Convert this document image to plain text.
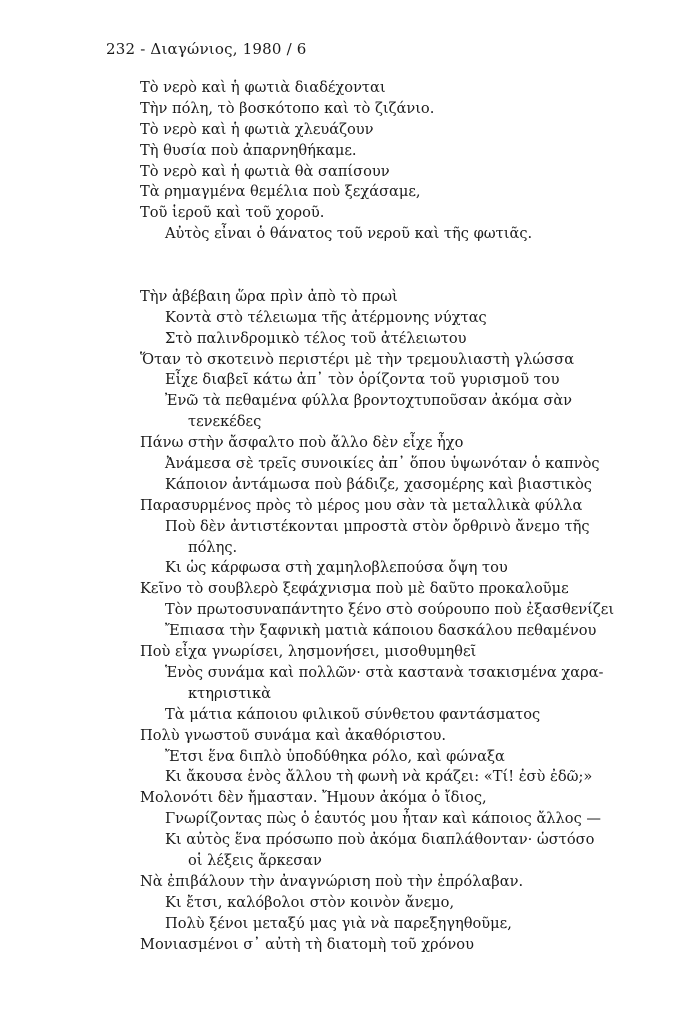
232 - Διαγώνιος, 1980 / 6
Τὸ νερὸ καὶ ἡ φωτιὰ διαδέχονται
Τὴν πόλη, τὸ βοσκότοπο καὶ τὸ ζιζάνιο.
Τὸ νερὸ καὶ ἡ φωτιὰ χλευάζουν
Τὴ θυσία ποὺ ἀπαρνηθήκαμε.
Τὸ νερὸ καὶ ἡ φωτιὰ θὰ σαπίσουν
Τὰ ρημαγμένα θεμέλια ποὺ ξεχάσαμε,
Τοῦ ἱεροῦ καὶ τοῦ χοροῦ.
Αὐτὸς εἶναι ὁ θάνατος τοῦ νεροῦ καὶ τῆς φωτιᾶς.
Τὴν ἀβέβαιη ὥρα πρὶν ἀπὸ τὸ πρωὶ
Κοντὰ στὸ τέλειωμα τῆς ἀτέρμονης νύχτας
Στὸ παλινδρομικὸ τέλος τοῦ ἀτέλειωτου
Ὅταν τὸ σκοτεινὸ περιστέρι μὲ τὴν τρεμουλιαστὴ γλώσσα
Εἶχε διαβεῖ κάτω ἀπ᾽ τὸν ὁρίζοντα τοῦ γυρισμοῦ του
Ἐνῶ τὰ πεθαμένα φύλλα βροντοχτυποῦσαν ἀκόμα σὰν
τενεκέδες
Πάνω στὴν ἄσφαλτο ποὺ ἄλλο δὲν εἶχε ἦχο
Ἀνάμεσα σὲ τρεῖς συνοικίες ἀπ᾽ ὅπου ὑψωνόταν ὁ καπνὸς
Κάποιον ἀντάμωσα ποὺ βάδιζε, χασομέρης καὶ βιαστικὸς
Παρασυρμένος πρὸς τὸ μέρος μου σὰν τὰ μεταλλικὰ φύλλα
Ποὺ δὲν ἀντιστέκονται μπροστὰ στὸν ὄρθρινὸ ἄνεμο τῆς
πόλης.
Κι ὡς κάρφωσα στὴ χαμηλοβλεπούσα ὄψη του
Κεῖνο τὸ σουβλερὸ ξεφάχνισμα ποὺ μὲ δαῦτο προκαλοῦμε
Τὸν πρωτοσυναπάντητο ξένο στὸ σούρουπο ποὺ ἐξασθενίζει
Ἔπιασα τὴν ξαφνικὴ ματιὰ κάποιου δασκάλου πεθαμένου
Ποὺ εἶχα γνωρίσει, λησμονήσει, μισοθυμηθεῖ
Ἑνὸς συνάμα καὶ πολλῶν· στὰ καστανὰ τσακισμένα χαρα-
κτηριστικὰ
Τὰ μάτια κάποιου φιλικοῦ σύνθετου φαντάσματος
Πολὺ γνωστοῦ συνάμα καὶ ἀκαθόριστου.
Ἔτσι ἕνα διπλὸ ὑποδύθηκα ρόλο, καὶ φώναξα
Κι ἄκουσα ἑνὸς ἄλλου τὴ φωνὴ νὰ κράζει: «Τί! ἐσὺ ἐδῶ;»
Μολονότι δὲν ἤμασταν. Ἤμουν ἀκόμα ὁ ἴδιος,
Γνωρίζοντας πὼς ὁ ἑαυτός μου ἦταν καὶ κάποιος ἄλλος —
Κι αὐτὸς ἕνα πρόσωπο ποὺ ἀκόμα διαπλάθονταν· ὡστόσο
οἱ λέξεις ἄρκεσαν
Νὰ ἐπιβάλουν τὴν ἀναγνώριση ποὺ τὴν ἐπρόλαβαν.
Κι ἔτσι, καλόβολοι στὸν κοινὸν ἄνεμο,
Πολὺ ξένοι μεταξύ μας γιὰ νὰ παρεξηγηθοῦμε,
Μονιασμένοι σ᾽ αὐτὴ τὴ διατομὴ τοῦ χρόνου
